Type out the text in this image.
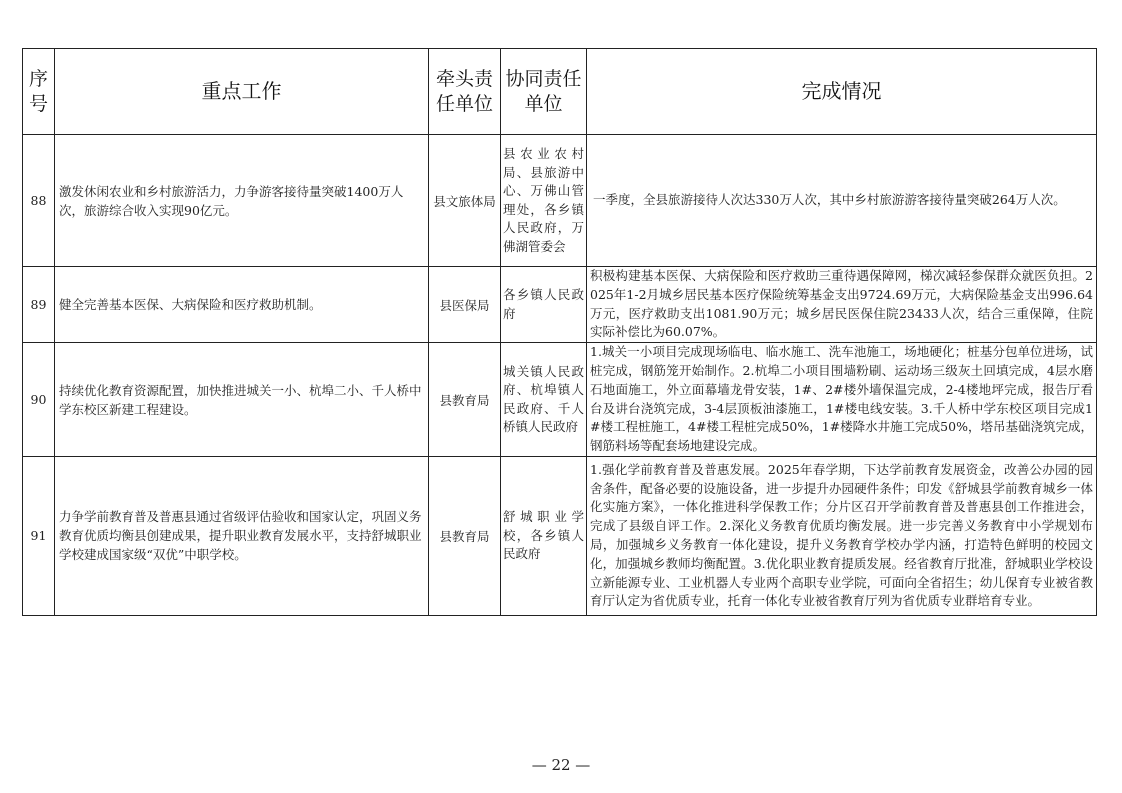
序号	重点工作	牵头责任单位	协同责任单位	完成情况
88	激发休闲农业和乡村旅游活力，力争游客接待量突破1400万人次，旅游综合收入实现90亿元。	县文旅体局	县农业农村局、县旅游中心、万佛山管理处，各乡镇人民政府，万佛湖管委会	一季度，全县旅游接待人次达330万人次，其中乡村旅游游客接待量突破264万人次。
89	健全完善基本医保、大病保险和医疗救助机制。	县医保局	各乡镇人民政府	积极构建基本医保、大病保险和医疗救助三重待遇保障网，梯次减轻参保群众就医负担。2025年1-2月城乡居民基本医疗保险统筹基金支出9724.69万元，大病保险基金支出996.64万元，医疗救助支出1081.90万元；城乡居民医保住院23433人次，结合三重保障，住院实际补偿比为60.07%。
90	持续优化教育资源配置，加快推进城关一小、杭埠二小、千人桥中学东校区新建工程建设。	县教育局	城关镇人民政府、杭埠镇人民政府、千人桥镇人民政府	1.城关一小项目完成现场临电、临水施工、洗车池施工，场地硬化；桩基分包单位进场，试桩完成，钢筋笼开始制作。2.杭埠二小项目围墙粉刷、运动场三级灰土回填完成，4层水磨石地面施工，外立面幕墙龙骨安装，1#、2#楼外墙保温完成，2-4楼地坪完成，报告厅看台及讲台浇筑完成，3-4层顶板油漆施工，1#楼电线安装。3.千人桥中学东校区项目完成1#楼工程桩施工，4#楼工程桩完成50%，1#楼降水井施工完成50%，塔吊基础浇筑完成，钢筋料场等配套场地建设完成。
91	力争学前教育普及普惠县通过省级评估验收和国家认定，巩固义务教育优质均衡县创建成果，提升职业教育发展水平，支持舒城职业学校建成国家级“双优”中职学校。	县教育局	舒城职业学校，各乡镇人民政府	1.强化学前教育普及普惠发展。2025年春学期，下达学前教育发展资金，改善公办园的园舍条件，配备必要的设施设备，进一步提升办园硬件条件；印发《舒城县学前教育城乡一体化实施方案》，一体化推进科学保教工作；分片区召开学前教育普及普惠县创工作推进会，完成了县级自评工作。2.深化义务教育优质均衡发展。进一步完善义务教育中小学规划布局，加强城乡义务教育一体化建设，提升义务教育学校办学内涵，打造特色鲜明的校园文化，加强城乡教师均衡配置。3.优化职业教育提质发展。经省教育厅批准，舒城职业学校设立新能源专业、工业机器人专业两个高职专业学院，可面向全省招生；幼儿保育专业被省教育厅认定为省优质专业，托育一体化专业被省教育厅列为省优质专业群培育专业。
— 22 —
